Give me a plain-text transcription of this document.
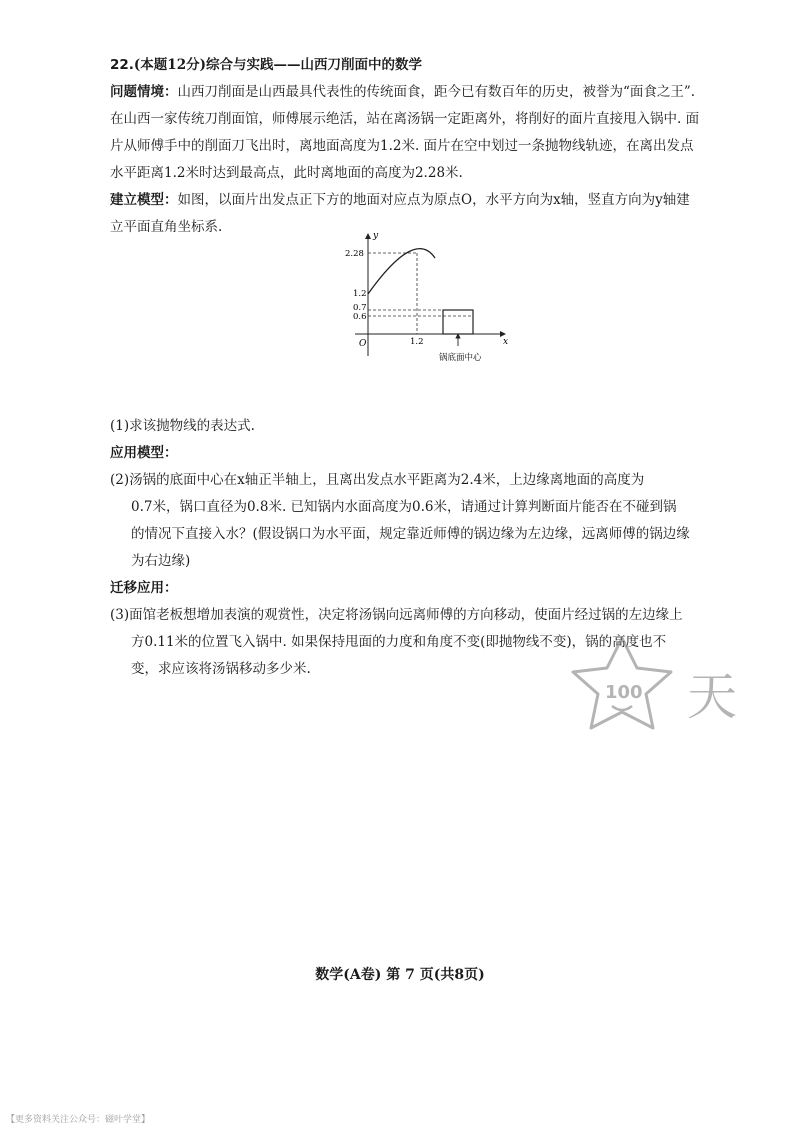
22.(本题12分)综合与实践——山西刀削面中的数学

问题情境：山西刀削面是山西最具代表性的传统面食，距今已有数百年的历史，被誉为“面食之王”.

在山西一家传统刀削面馆，师傅展示绝活，站在离汤锅一定距离外，将削好的面片直接甩入锅中. 面

片从师傅手中的削面刀飞出时，离地面高度为1.2米. 面片在空中划过一条抛物线轨迹，在离出发点

水平距离1.2米时达到最高点，此时离地面的高度为2.28米.

建立模型：如图，以面片出发点正下方的地面对应点为原点O，水平方向为x轴，竖直方向为y轴建

立平面直角坐标系.

(1)求该抛物线的表达式.

应用模型：

(2)汤锅的底面中心在x轴正半轴上，且离出发点水平距离为2.4米，上边缘离地面的高度为

0.7米，锅口直径为0.8米. 已知锅内水面高度为0.6米，请通过计算判断面片能否在不碰到锅

的情况下直接入水？(假设锅口为水平面，规定靠近师傅的锅边缘为左边缘，远离师傅的锅边缘

为右边缘)

迁移应用：

(3)面馆老板想增加表演的观赏性，决定将汤锅向远离师傅的方向移动，使面片经过锅的左边缘上

方0.11米的位置飞入锅中. 如果保持甩面的力度和角度不变(即抛物线不变)，锅的高度也不

变，求应该将汤锅移动多少米.

y
x
O
2.28
1.2
0.7
0.6
1.2
锅底面中心
100 天
数学(A卷) 第 7 页(共8页)
【更多资料关注公众号：磁叶学堂】
